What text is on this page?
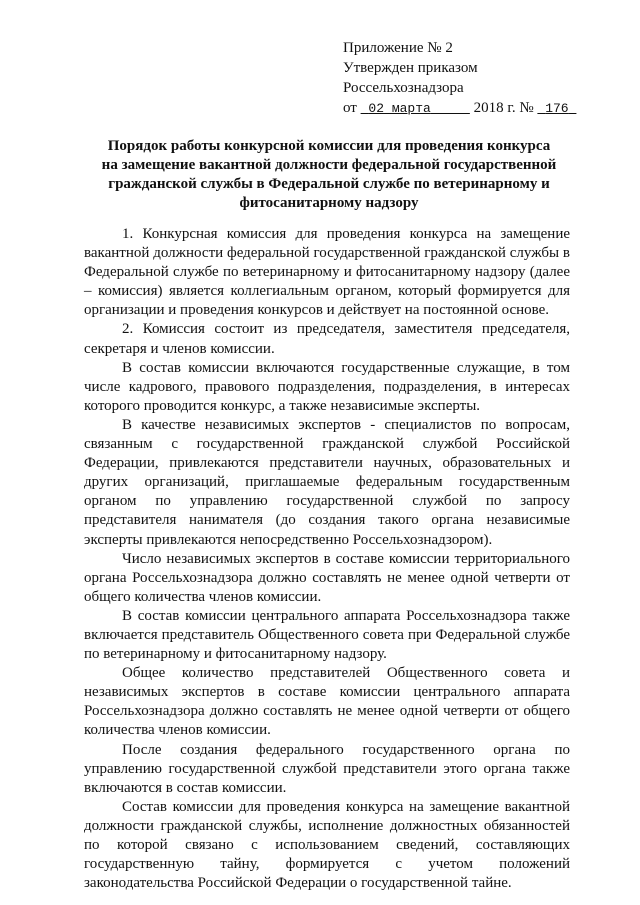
Приложение № 2
Утвержден приказом
Россельхознадзора
от 02 марта	2018 г. № 176
Порядок работы конкурсной комиссии для проведения конкурса
на замещение вакантной должности федеральной государственной
гражданской службы в Федеральной службе по ветеринарному и
фитосанитарному надзору

1. Конкурсная комиссия для проведения конкурса на замещение вакантной должности федеральной государственной гражданской службы в Федеральной службе по ветеринарному и фитосанитарному надзору (далее – комиссия) является коллегиальным органом, который формируется для организации и проведения конкурсов и действует на постоянной основе.

2. Комиссия состоит из председателя, заместителя председателя, секретаря и членов комиссии.

В состав комиссии включаются государственные служащие, в том числе кадрового, правового подразделения, подразделения, в интересах которого проводится конкурс, а также независимые эксперты.

В качестве независимых экспертов - специалистов по вопросам, связанным с государственной гражданской службой Российской Федерации, привлекаются представители научных, образовательных и других организаций, приглашаемые федеральным государственным органом по управлению государственной службой по запросу представителя нанимателя (до создания такого органа независимые эксперты привлекаются непосредственно Россельхознадзором).

Число независимых экспертов в составе комиссии территориального органа Россельхознадзора должно составлять не менее одной четверти от общего количества членов комиссии.

В состав комиссии центрального аппарата Россельхознадзора также включается представитель Общественного совета при Федеральной службе по ветеринарному и фитосанитарному надзору.

Общее количество представителей Общественного совета и независимых экспертов в составе комиссии центрального аппарата Россельхознадзора должно составлять не менее одной четверти от общего количества членов комиссии.

После создания федерального государственного органа по управлению государственной службой представители этого органа также включаются в состав комиссии.

Состав комиссии для проведения конкурса на замещение вакантной должности гражданской службы, исполнение должностных обязанностей по которой связано с использованием сведений, составляющих государственную тайну, формируется с учетом положений законодательства Российской Федерации о государственной тайне.
